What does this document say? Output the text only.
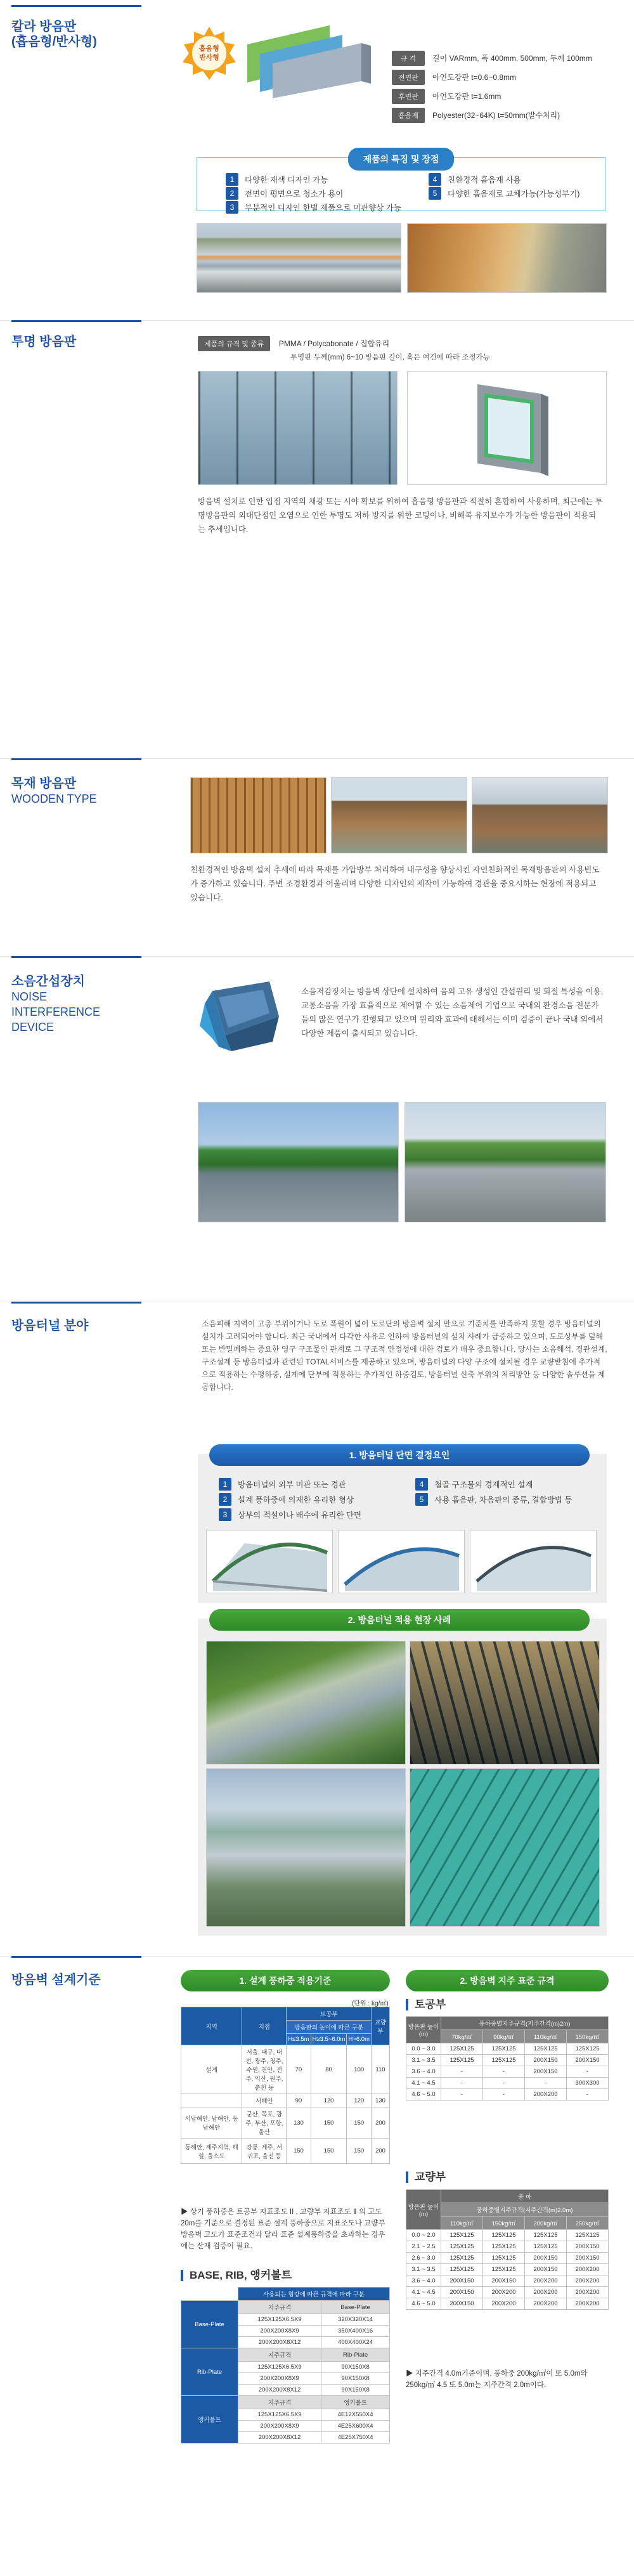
칼라 방음판
(흡음형/반사형)	흡음형
반사형	규 격 길이 VARmm, 폭 400mm, 500mm, 두께 100mm
전면판 아연도강판 t=0.6~0.8mm
후면판 아연도강판 t=1.6mm
흡음재 Polyester(32~64K) t=50mm(발수처리)
제품의 특징 및 장점
1	다양한 재색 디자인 가능
2	전면이 평면으로 청소가 용이
3	부분적인 디자인 한별 제품으로 미관향상 가능
4	친환경적 흡음재 사용
5	다양한 흡음재로 교체가능(가능성부기)
투명 방음판	제품의 규격 및 종류 PMMA / Polycabonate / 접합유리
투명판 두께(mm) 6~10 방음판 길이, 혹은 여건에 따라 조정가능
방음벽 설치로 인한 입접 지역의 채광 또는 시야 확보를 위하여 흡음형 방음판과 적절히 혼합하여 사용하며, 최근에는 투명방음판의 외대단점인 오염으로 인한 투명도 저하 방지를 위한 코팅이나, 비해복 유지보수가 가능한 방음판이 적용되는 추세입니다.
목재 방음판
WOODEN TYPE
친환경적인 방음벽 설치 추세에 따라 목재를 가압방부 처리하여 내구성을 향상시킨 자연친화적인 목재방음판의 사용빈도가 증가하고 있습니다. 주변 조경환경과 어울리며 다양한 디자인의 제작이 가능하여 경관을 중요시하는 현장에 적용되고 있습니다.
소음간섭장치
NOISE INTERFERENCE
DEVICE
소음저감장치는 방음벽 상단에 설치하여 음의 고유 생성인 간섭원리 및 회절 특성을 이용, 교통소음을 가장 효율적으로 제어할 수 있는 소음제어 기업으로 국내외 환경소음 전문가들의 많은 연구가 진행되고 있으며 원리와 효과에 대해서는 이미 검증이 끝나 국내 외에서 다양한 제품이 출시되고 있습니다.
방음터널 분야	소음피해 지역이 고층 부위이거나 도로 폭원이 넓어 도로단의 방음벽 설치 만으로 기준치를 만족하지 못할 경우 방음터널의 설치가 고려되어야 합니다. 최근 국내에서 다각한 사유로 인하여 방음터널의 설치 사례가 급증하고 있으며, 도로상부를 덮해 또는 반밀폐하는 중요한 영구 구조물인 관계로 그 구조적 안정성에 대한 검토가 매우 중요합니다. 당사는 소음해석, 경관설계, 구조설계 등 방음터널과 관련된 TOTAL서비스를 제공하고 있으며, 방음터널의 다양 구조에 설치될 경우 교량받침에 추가적으로 적용하는 수평하중, 설계에 단부에 적용하는 추가적인 하중검토, 방음터널 신축 부위의 처리방안 등 다양한 솔루션을 제공합니다.
1. 방음터널 단면 결정요인
1	방음터널의 외부 미관 또는 경관
2	설계 풍하중에 의재한 유리한 형상
3	상부의 적설이나 배수에 유리한 단면
4	철골 구조물의 경제적인 설계
5	사용 흡음판, 차음판의 종류, 결합방법 등
2. 방음터널 적용 현장 사례
방음벽 설계기준	1. 설계 풍하중 적용기준
(단위 : kg/㎡)
지역	지점	토공부			교량부
		방음판의 높이에 따른 구분			
		H≤3.5m	H≥3.5~6.0m	H>6.0m	
설계	서울, 대구, 대전, 광주, 청주, 수원, 천안, 전주, 익산, 원주, 춘천 등	70	80	100	110
	서해안	90	120	120	130
서남해안, 남해안, 동남해안	군산, 목포, 광주, 부산, 포항, 울산	130	150	150	200
동해안, 제주지역, 해설, 울소도	강릉, 제주, 서귀포, 울진 등	150	150	150	200
▶ 상기 풍하중은 토공부 지표조도 II , 교량부 지표조도 Ⅱ 의 고도 20m를 기준으로 결정된 표준 설계 풍하중으로 지표조도나 교량부 방음벽 고도가 표준조건과 달라 표준 설계풍하중을 초과하는 경우에는 산재 검증이 필요.
BASE, RIB, 앵커볼트
	사용되는 형강에 따른 규격에 따라 구분	
Base-Plate	지주규격	Base-Plate
	125X125X6.5X9	320X320X14
	200X200X8X9	350X400X16
	200X200X8X12	400X400X24
Rib-Plate	지주규격	Rib-Plate
	125X125X6.5X9	90X150X8
	200X200X8X9	90X150X8
	200X200X8X12	90X150X8
앵커볼트	지주규격	앵커볼트
	125X125X6.5X9	4E12X550X4
	200X200X8X9	4E25X600X4
	200X200X8X12	4E25X750X4
2. 방음벽 지주 표준 규격
토공부
방음판 높이(m)	풍하중별지주규격(지주간격(m)2m)			
	70kg/㎡	90kg/㎡	110kg/㎡	150kg/㎡
0.0 ~ 3.0	125X125	125X125	125X125	125X125
3.1 ~ 3.5	125X125	125X125	200X150	200X150
3.6 ~ 4.0	-	-	200X150	-
4.1 ~ 4.5	-	-	-	300X300
4.6 ~ 5.0	-	-	200X200	-
교량부
방음판 높이(m)	풍 하			
	풍하중별지주규격(지주간격(m)2.0m)			
	110kg/㎡	150kg/㎡	200kg/㎡	250kg/㎡
0.0 ~ 2.0	125X125	125X125	125X125	125X125
2.1 ~ 2.5	125X125	125X125	125X125	200X150
2.6 ~ 3.0	125X125	125X125	200X150	200X150
3.1 ~ 3.5	125X125	125X125	200X150	200X200
3.6 ~ 4.0	200X150	200X150	200X200	200X200
4.1 ~ 4.5	200X150	200X200	200X200	200X200
4.6 ~ 5.0	200X150	200X200	200X200	200X200
▶ 지주간격 4.0m기준이며, 풍하중 200kg/㎡이 또 5.0m와 250kg/㎡ 4.5 또 5.0m는 지주간격 2.0m이다.
